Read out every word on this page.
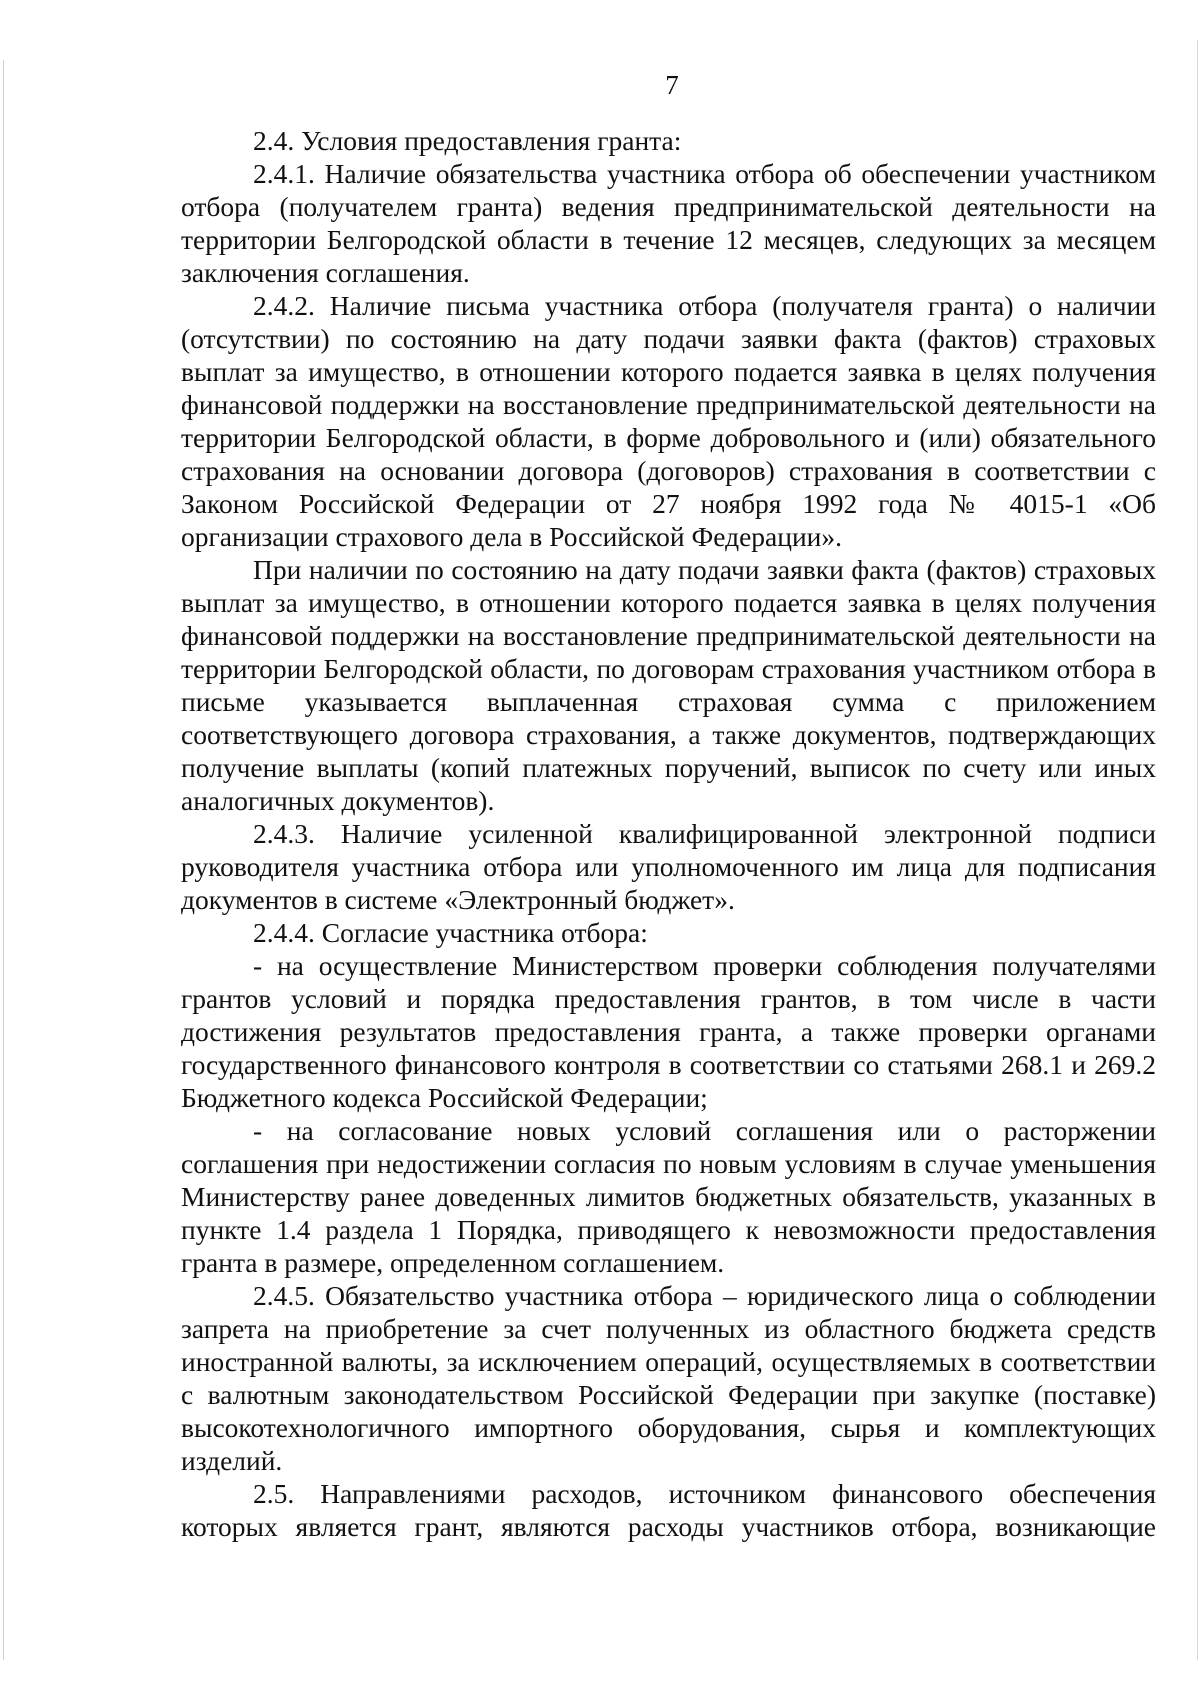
7

2.4. Условия предоставления гранта:

2.4.1. Наличие обязательства участника отбора об обеспечении участником отбора (получателем гранта) ведения предпринимательской деятельности на территории Белгородской области в течение 12 месяцев, следующих за месяцем заключения соглашения.

2.4.2. Наличие письма участника отбора (получателя гранта) о наличии (отсутствии) по состоянию на дату подачи заявки факта (фактов) страховых выплат за имущество, в отношении которого подается заявка в целях получения финансовой поддержки на восстановление предпринимательской деятельности на территории Белгородской области, в форме добровольного и (или) обязательного страхования на основании договора (договоров) страхования в соответствии с Законом Российской Федерации от 27 ноября 1992 года № 4015-1 «Об организации страхового дела в Российской Федерации».

При наличии по состоянию на дату подачи заявки факта (фактов) страховых выплат за имущество, в отношении которого подается заявка в целях получения финансовой поддержки на восстановление предпринимательской деятельности на территории Белгородской области, по договорам страхования участником отбора в письме указывается выплаченная страховая сумма с приложением соответствующего договора страхования, а также документов, подтверждающих получение выплаты (копий платежных поручений, выписок по счету или иных аналогичных документов).

2.4.3. Наличие усиленной квалифицированной электронной подписи руководителя участника отбора или уполномоченного им лица для подписания документов в системе «Электронный бюджет».

2.4.4. Согласие участника отбора:

- на осуществление Министерством проверки соблюдения получателями грантов условий и порядка предоставления грантов, в том числе в части достижения результатов предоставления гранта, а также проверки органами государственного финансового контроля в соответствии со статьями 268.1 и 269.2 Бюджетного кодекса Российской Федерации;

- на согласование новых условий соглашения или о расторжении соглашения при недостижении согласия по новым условиям в случае уменьшения Министерству ранее доведенных лимитов бюджетных обязательств, указанных в пункте 1.4 раздела 1 Порядка, приводящего к невозможности предоставления гранта в размере, определенном соглашением.

2.4.5. Обязательство участника отбора – юридического лица о соблюдении запрета на приобретение за счет полученных из областного бюджета средств иностранной валюты, за исключением операций, осуществляемых в соответствии с валютным законодательством Российской Федерации при закупке (поставке) высокотехнологичного импортного оборудования, сырья и комплектующих изделий.

2.5. Направлениями расходов, источником финансового обеспечения которых является грант, являются расходы участников отбора, возникающие
